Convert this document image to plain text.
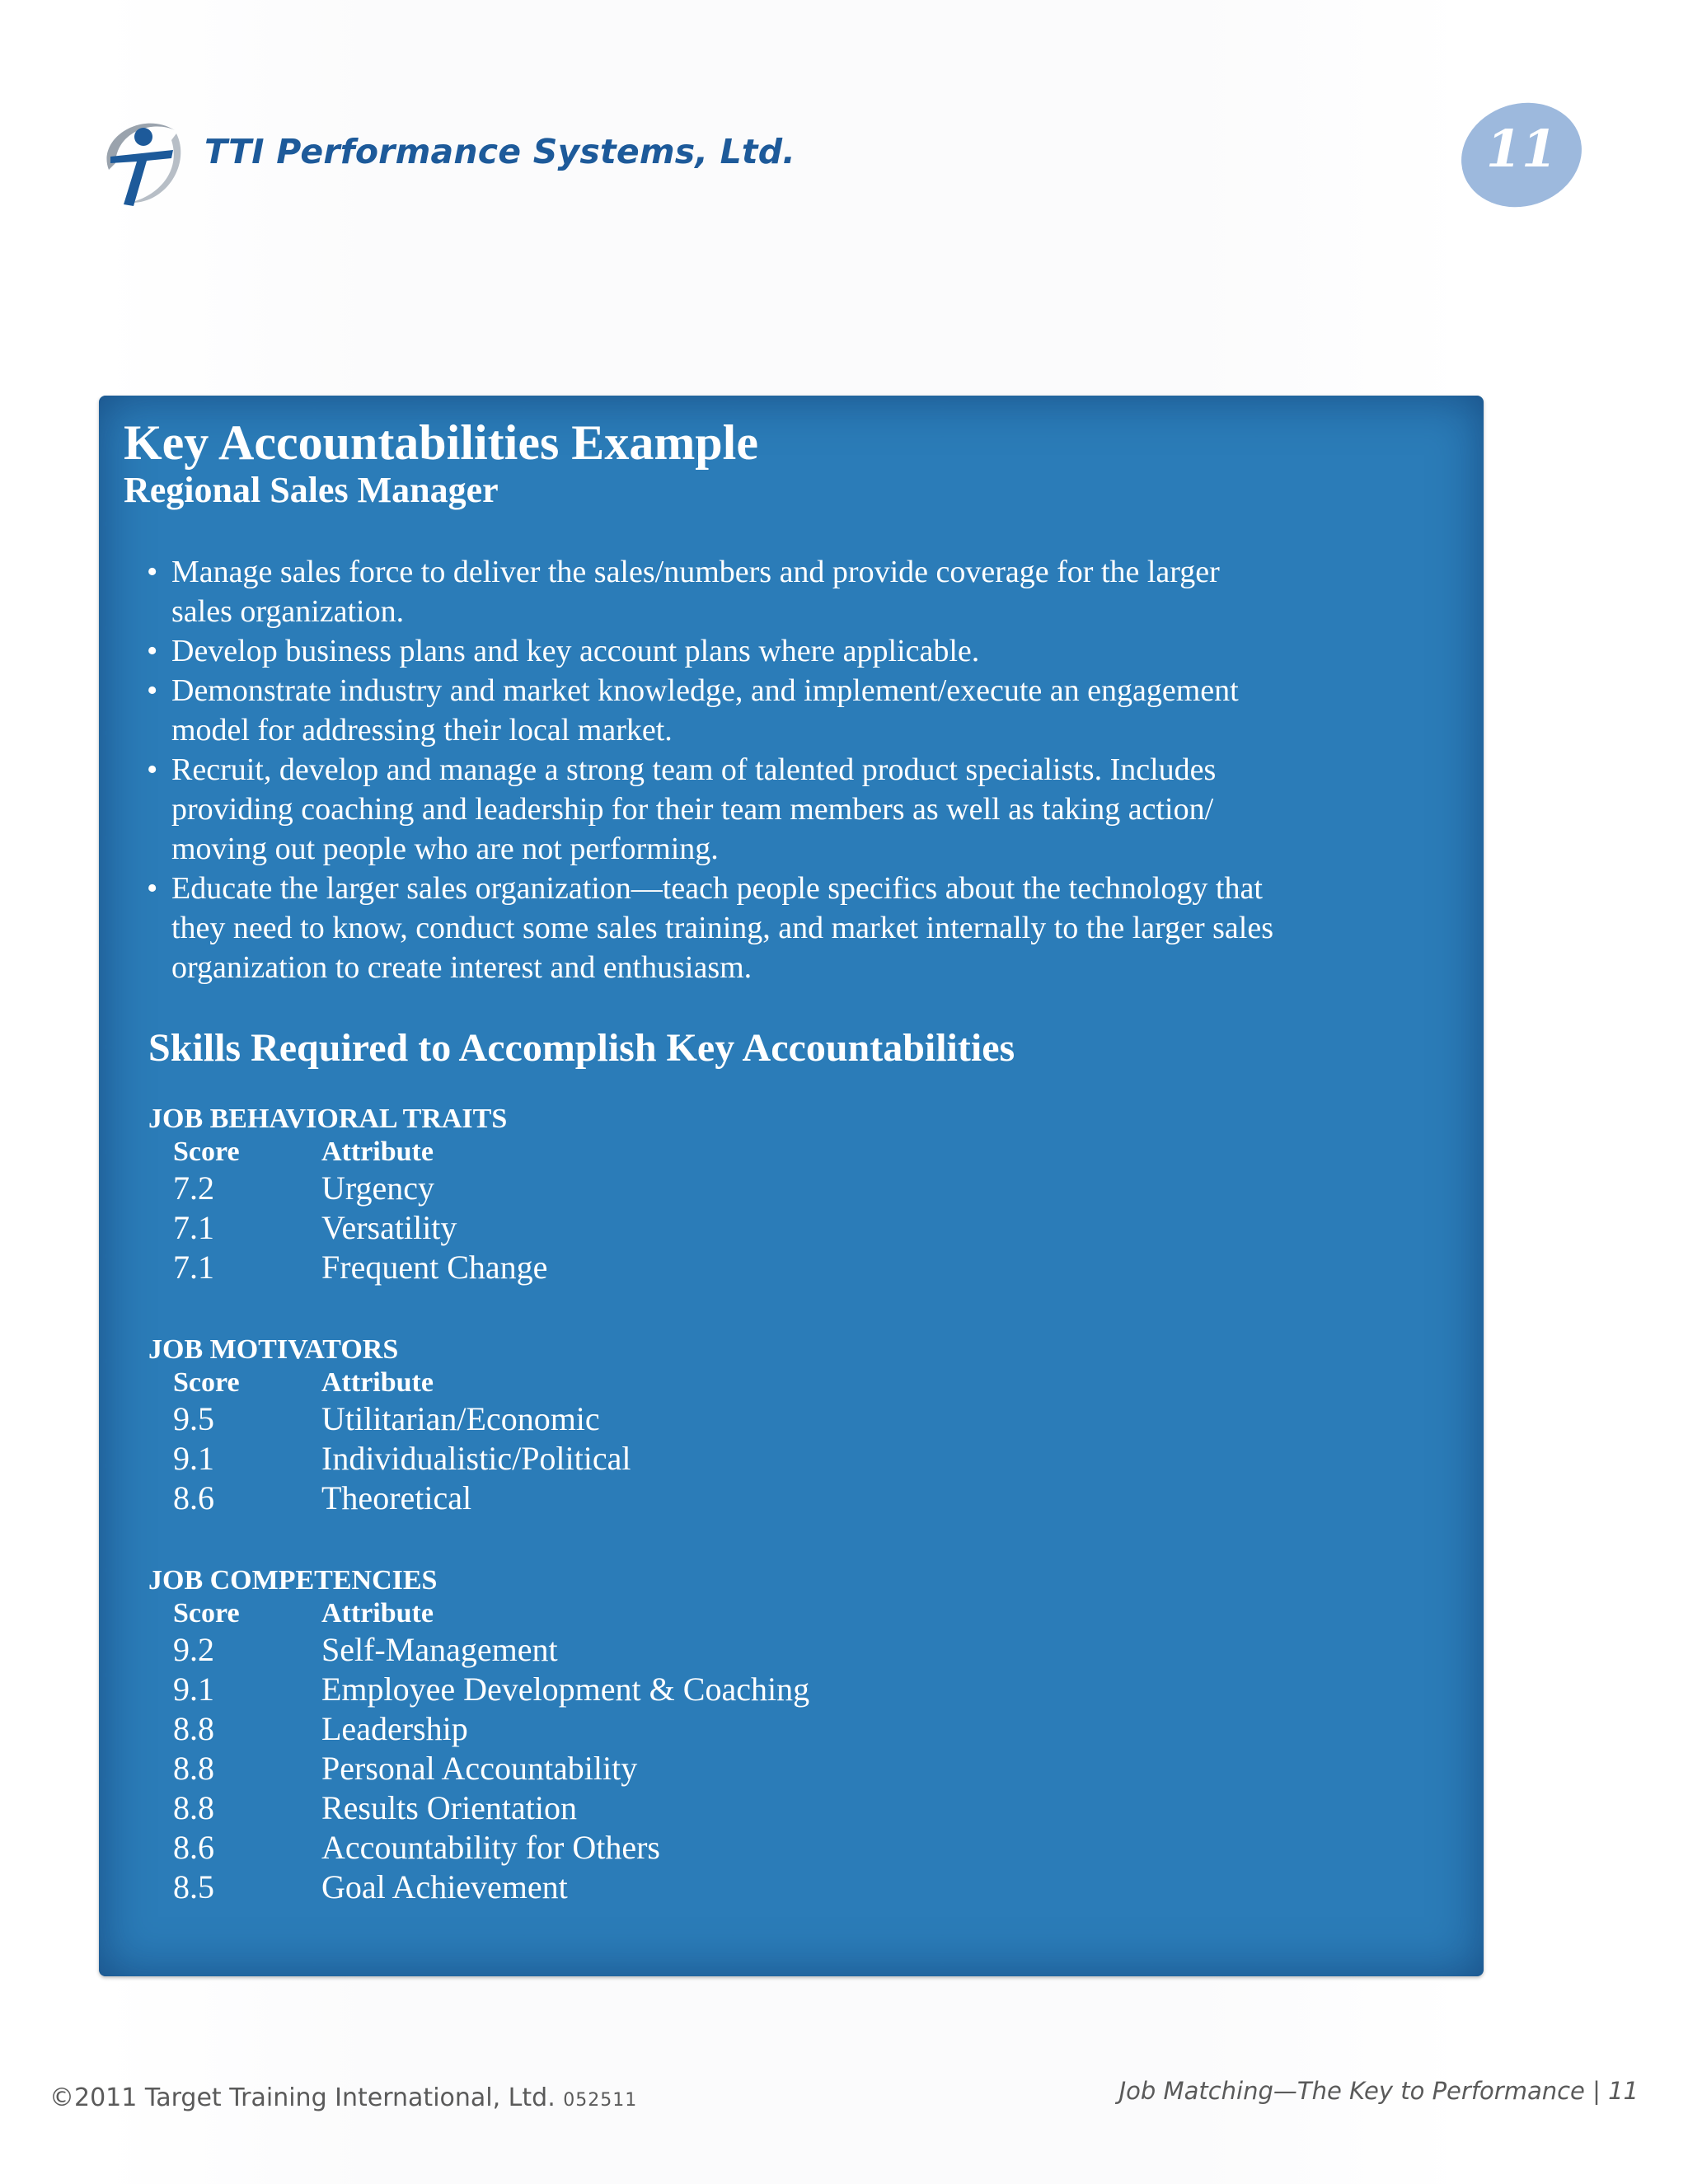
TTI Performance Systems, Ltd.	11
Key Accountabilities Example
Regional Sales Manager
• Manage sales force to deliver the sales/numbers and provide coverage for the larger
sales organization.
• Develop business plans and key account plans where applicable.
• Demonstrate industry and market knowledge, and implement/execute an engagement
model for addressing their local market.
• Recruit, develop and manage a strong team of talented product specialists. Includes
providing coaching and leadership for their team members as well as taking action/
moving out people who are not performing.
• Educate the larger sales organization—teach people specifics about the technology that
they need to know, conduct some sales training, and market internally to the larger sales
organization to create interest and enthusiasm.
Skills Required to Accomplish Key Accountabilities
JOB BEHAVIORAL TRAITS
Score	Attribute
7.2	Urgency
7.1	Versatility
7.1	Frequent Change
JOB MOTIVATORS
Score	Attribute
9.5	Utilitarian/Economic
9.1	Individualistic/Political
8.6	Theoretical
JOB COMPETENCIES
Score	Attribute
9.2	Self-Management
9.1	Employee Development & Coaching
8.8	Leadership
8.8	Personal Accountability
8.8	Results Orientation
8.6	Accountability for Others
8.5	Goal Achievement
©2011 Target Training International, Ltd. 052511	Job Matching—The Key to Performance | 11
